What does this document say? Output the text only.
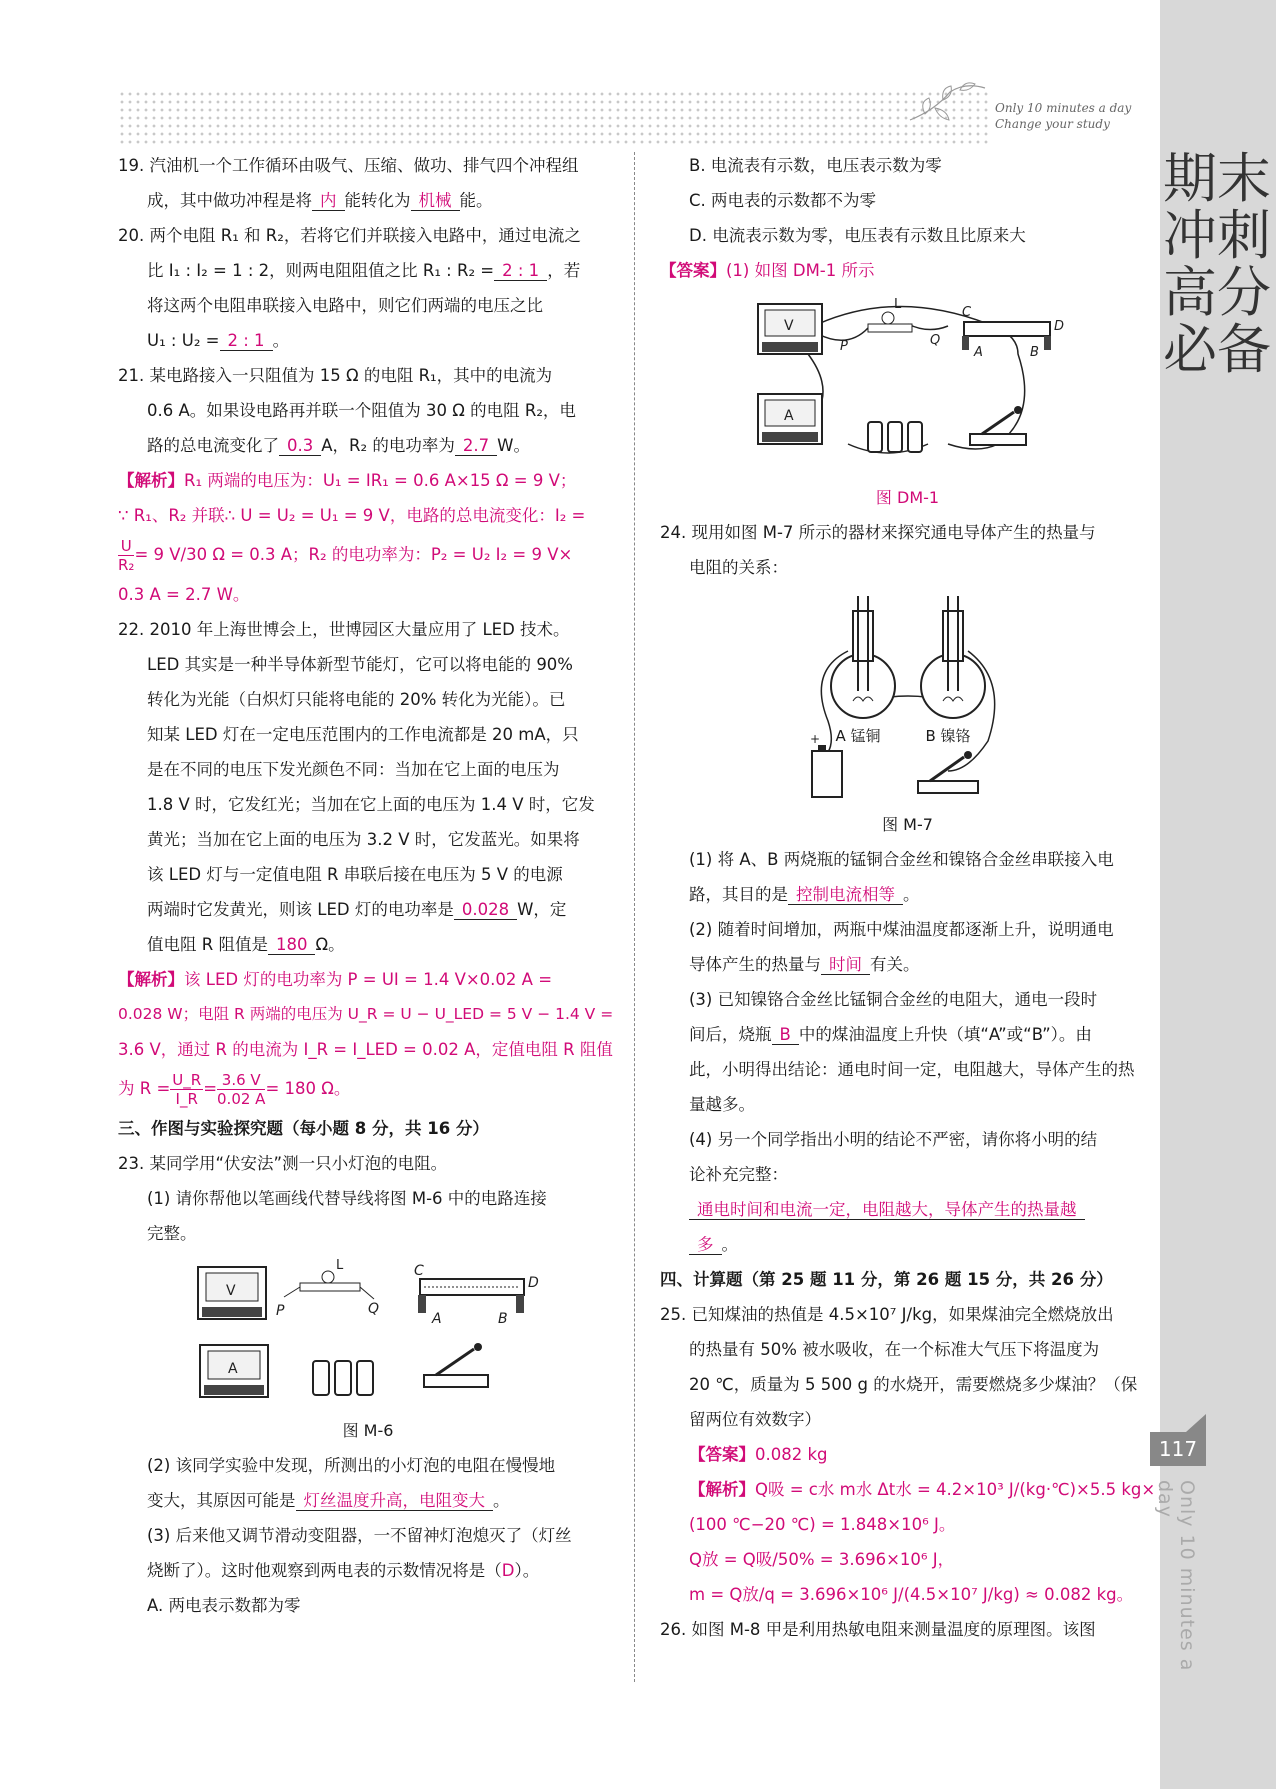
Only 10 minutes a day
Change your study
期末冲刺高分必备
117
Only 10 minutes a day
19. 汽油机一个工作循环由吸气、压缩、做功、排气四个冲程组
成，其中做功冲程是将 内 能转化为 机械 能。
20. 两个电阻 R₁ 和 R₂，若将它们并联接入电路中，通过电流之
比 I₁ : I₂ = 1 : 2，则两电阻阻值之比 R₁ : R₂ = 2 : 1 ，若
将这两个电阻串联接入电路中，则它们两端的电压之比
U₁ : U₂ = 2 : 1 。
21. 某电路接入一只阻值为 15 Ω 的电阻 R₁，其中的电流为
0.6 A。如果设电路再并联一个阻值为 30 Ω 的电阻 R₂，电
路的总电流变化了 0.3 A，R₂ 的电功率为 2.7 W。
【解析】R₁ 两端的电压为：U₁ = IR₁ = 0.6 A×15 Ω = 9 V；
∵ R₁、R₂ 并联∴ U = U₂ = U₁ = 9 V，电路的总电流变化：I₂ =
$\frac{U}{\text{R₂}} = 9$ V/30 Ω = 0.3 A；R₂ 的电功率为：P₂ = U₂ I₂ = 9 V×
0.3 A = 2.7 W。
22. 2010 年上海世博会上，世博园区大量应用了 LED 技术。
LED 其实是一种半导体新型节能灯，它可以将电能的 90%
转化为光能（白炽灯只能将电能的 20% 转化为光能）。已
知某 LED 灯在一定电压范围内的工作电流都是 20 mA，只
是在不同的电压下发光颜色不同：当加在它上面的电压为
1.8 V 时，它发红光；当加在它上面的电压为 1.4 V 时，它发
黄光；当加在它上面的电压为 3.2 V 时，它发蓝光。如果将
该 LED 灯与一定值电阻 R 串联后接在电压为 5 V 的电源
两端时它发黄光，则该 LED 灯的电功率是 0.028 W，定
值电阻 R 阻值是 180 Ω。
【解析】该 LED 灯的电功率为 P = UI = 1.4 V×0.02 A =
0.028 W；电阻 R 两端的电压为 U_R = U − U_LED = 5 V − 1.4 V =
3.6 V，通过 R 的电流为 I_R = I_LED = 0.02 A，定值电阻 R 阻值
为 $R = \frac{U\_R}{I\_R} = \frac{3.6 V}{0.02 A} = 180$ Ω。
三、作图与实验探究题（每小题 8 分，共 16 分）
23. 某同学用“伏安法”测一只小灯泡的电阻。
(1) 请你帮他以笔画线代替导线将图 M-6 中的电路连接
完整。
V
L
P	Q
C
D
A	B
A
图 M-6
(2) 该同学实验中发现，所测出的小灯泡的电阻在慢慢地
变大，其原因可能是 灯丝温度升高，电阻变大 。
(3) 后来他又调节滑动变阻器，一不留神灯泡熄灭了（灯丝
烧断了）。这时他观察到两电表的示数情况将是（D）。
A. 两电表示数都为零
B. 电流表有示数，电压表示数为零
C. 两电表的示数都不为零
D. 电流表示数为零，电压表有示数且比原来大
【答案】(1) 如图 DM-1 所示
V
L
P	Q
C
D
A	B
A
图 DM-1
24. 现用如图 M-7 所示的器材来探究通电导体产生的热量与
电阻的关系：
+ A 锰铜	B 镍铬
图 M-7
(1) 将 A、B 两烧瓶的锰铜合金丝和镍铬合金丝串联接入电
路，其目的是 控制电流相等 。
(2) 随着时间增加，两瓶中煤油温度都逐渐上升，说明通电
导体产生的热量与 时间 有关。
(3) 已知镍铬合金丝比锰铜合金丝的电阻大，通电一段时
间后，烧瓶 B 中的煤油温度上升快（填“A”或“B”）。由
此，小明得出结论：通电时间一定，电阻越大，导体产生的热
量越多。
(4) 另一个同学指出小明的结论不严密，请你将小明的结
论补充完整：
通电时间和电流一定，电阻越大，导体产生的热量越
多 。
四、计算题（第 25 题 11 分，第 26 题 15 分，共 26 分）
25. 已知煤油的热值是 4.5×10⁷ J/kg，如果煤油完全燃烧放出
的热量有 50% 被水吸收，在一个标准大气压下将温度为
20 ℃，质量为 5 500 g 的水烧开，需要燃烧多少煤油？（保
留两位有效数字）
【答案】0.082 kg
【解析】Q吸 = c水 m水 Δt水 = 4.2×10³ J/(kg·℃)×5.5 kg×
(100 ℃−20 ℃) = 1.848×10⁶ J。
Q放 = Q吸/50% = 3.696×10⁶ J，
m = Q放/q = 3.696×10⁶ J/(4.5×10⁷ J/kg) ≈ 0.082 kg。
26. 如图 M-8 甲是利用热敏电阻来测量温度的原理图。该图
